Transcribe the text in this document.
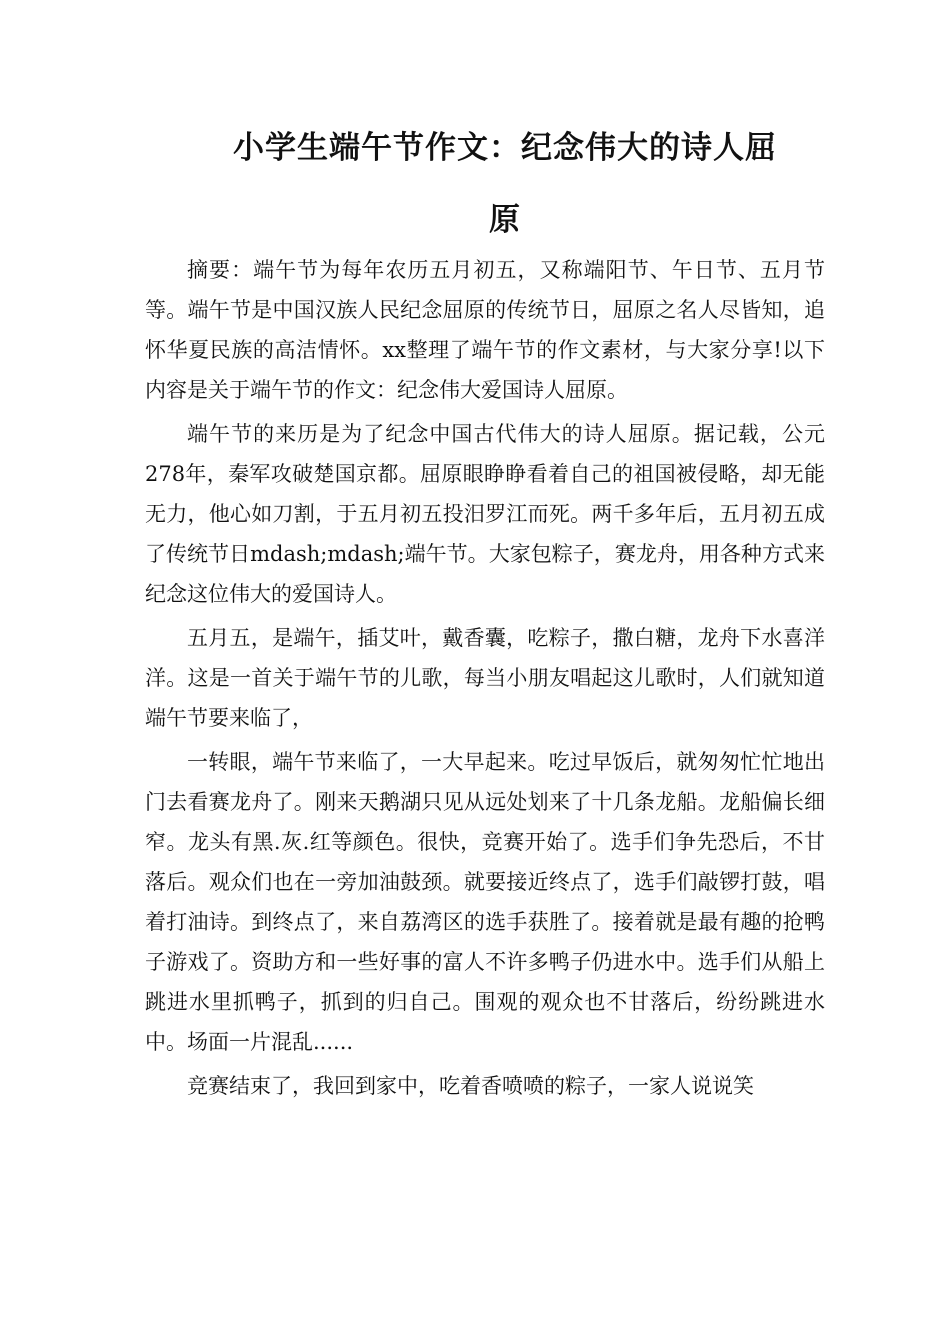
小学生端午节作文：纪念伟大的诗人屈
原

摘要：端午节为每年农历五月初五，又称端阳节、午日节、五月节等。端午节是中国汉族人民纪念屈原的传统节日，屈原之名人尽皆知，追怀华夏民族的高洁情怀。xx整理了端午节的作文素材，与大家分享!以下内容是关于端午节的作文：纪念伟大爱国诗人屈原。

端午节的来历是为了纪念中国古代伟大的诗人屈原。据记载，公元278年，秦军攻破楚国京都。屈原眼睁睁看着自己的祖国被侵略，却无能无力，他心如刀割，于五月初五投汨罗江而死。两千多年后，五月初五成了传统节日mdash;mdash;端午节。大家包粽子，赛龙舟，用各种方式来纪念这位伟大的爱国诗人。

五月五，是端午，插艾叶，戴香囊，吃粽子，撒白糖，龙舟下水喜洋洋。这是一首关于端午节的儿歌，每当小朋友唱起这儿歌时，人们就知道端午节要来临了，

一转眼，端午节来临了，一大早起来。吃过早饭后，就匆匆忙忙地出门去看赛龙舟了。刚来天鹅湖只见从远处划来了十几条龙船。龙船偏长细窄。龙头有黑.灰.红等颜色。很快，竞赛开始了。选手们争先恐后，不甘落后。观众们也在一旁加油鼓颈。就要接近终点了，选手们敲锣打鼓，唱着打油诗。到终点了，来自荔湾区的选手获胜了。接着就是最有趣的抢鸭子游戏了。资助方和一些好事的富人不许多鸭子仍进水中。选手们从船上跳进水里抓鸭子，抓到的归自己。围观的观众也不甘落后，纷纷跳进水中。场面一片混乱......

竞赛结束了，我回到家中，吃着香喷喷的粽子，一家人说说笑
